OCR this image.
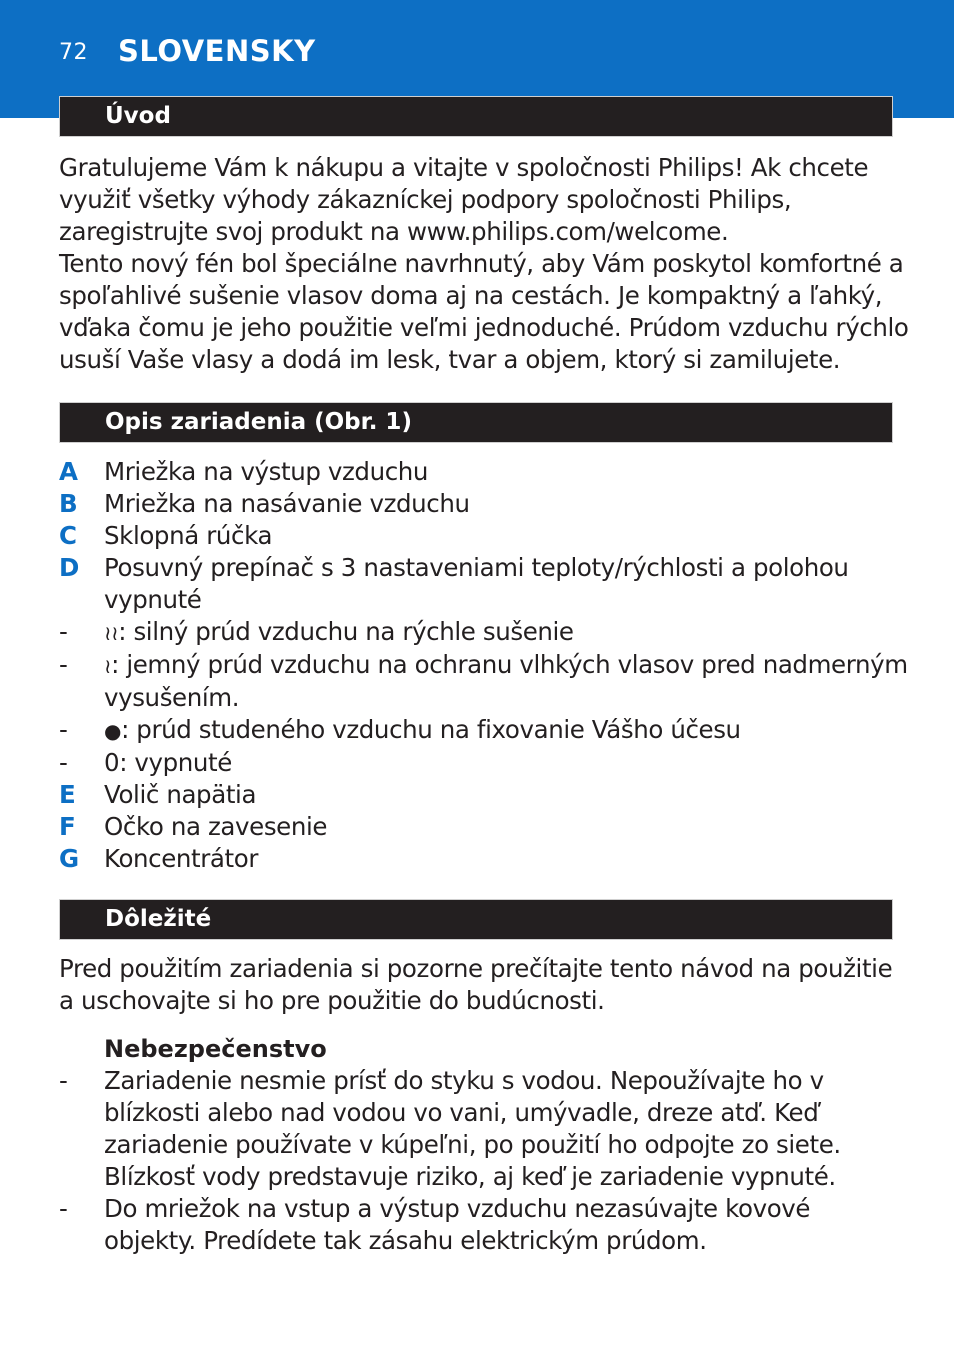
72 SLOVENSKY
Úvod

Gratulujeme Vám k nákupu a vitajte v spoločnosti Philips! Ak chcete využiť všetky výhody zákazníckej podpory spoločnosti Philips, zaregistrujte svoj produkt na www.philips.com/welcome.

Tento nový fén bol špeciálne navrhnutý, aby Vám poskytol komfortné a spoľahlivé sušenie vlasov doma aj na cestách. Je kompaktný a ľahký, vďaka čomu je jeho použitie veľmi jednoduché. Prúdom vzduchu rýchlo usuší Vaše vlasy a dodá im lesk, tvar a objem, ktorý si zamilujete.

Opis zariadenia (Obr. 1)
A	Mriežka na výstup vzduchu
B	Mriežka na nasávanie vzduchu
C	Sklopná rúčka
D	Posuvný prepínač s 3 nastaveniami teploty/rýchlosti a polohou vypnuté
-	≀≀: silný prúd vzduchu na rýchle sušenie
-	≀: jemný prúd vzduchu na ochranu vlhkých vlasov pred nadmerným vysušením.
-	●: prúd studeného vzduchu na fixovanie Vášho účesu
-	0: vypnuté
E	Volič napätia
F	Očko na zavesenie
G	Koncentrátor
Dôležité

Pred použitím zariadenia si pozorne prečítajte tento návod na použitie a uschovajte si ho pre použitie do budúcnosti.

Nebezpečenstvo
-	Zariadenie nesmie prísť do styku s vodou. Nepoužívajte ho v blízkosti alebo nad vodou vo vani, umývadle, dreze atď. Keď zariadenie používate v kúpeľni, po použití ho odpojte zo siete. Blízkosť vody predstavuje riziko, aj keď je zariadenie vypnuté.
-	Do mriežok na vstup a výstup vzduchu nezasúvajte kovové objekty. Predídete tak zásahu elektrickým prúdom.
